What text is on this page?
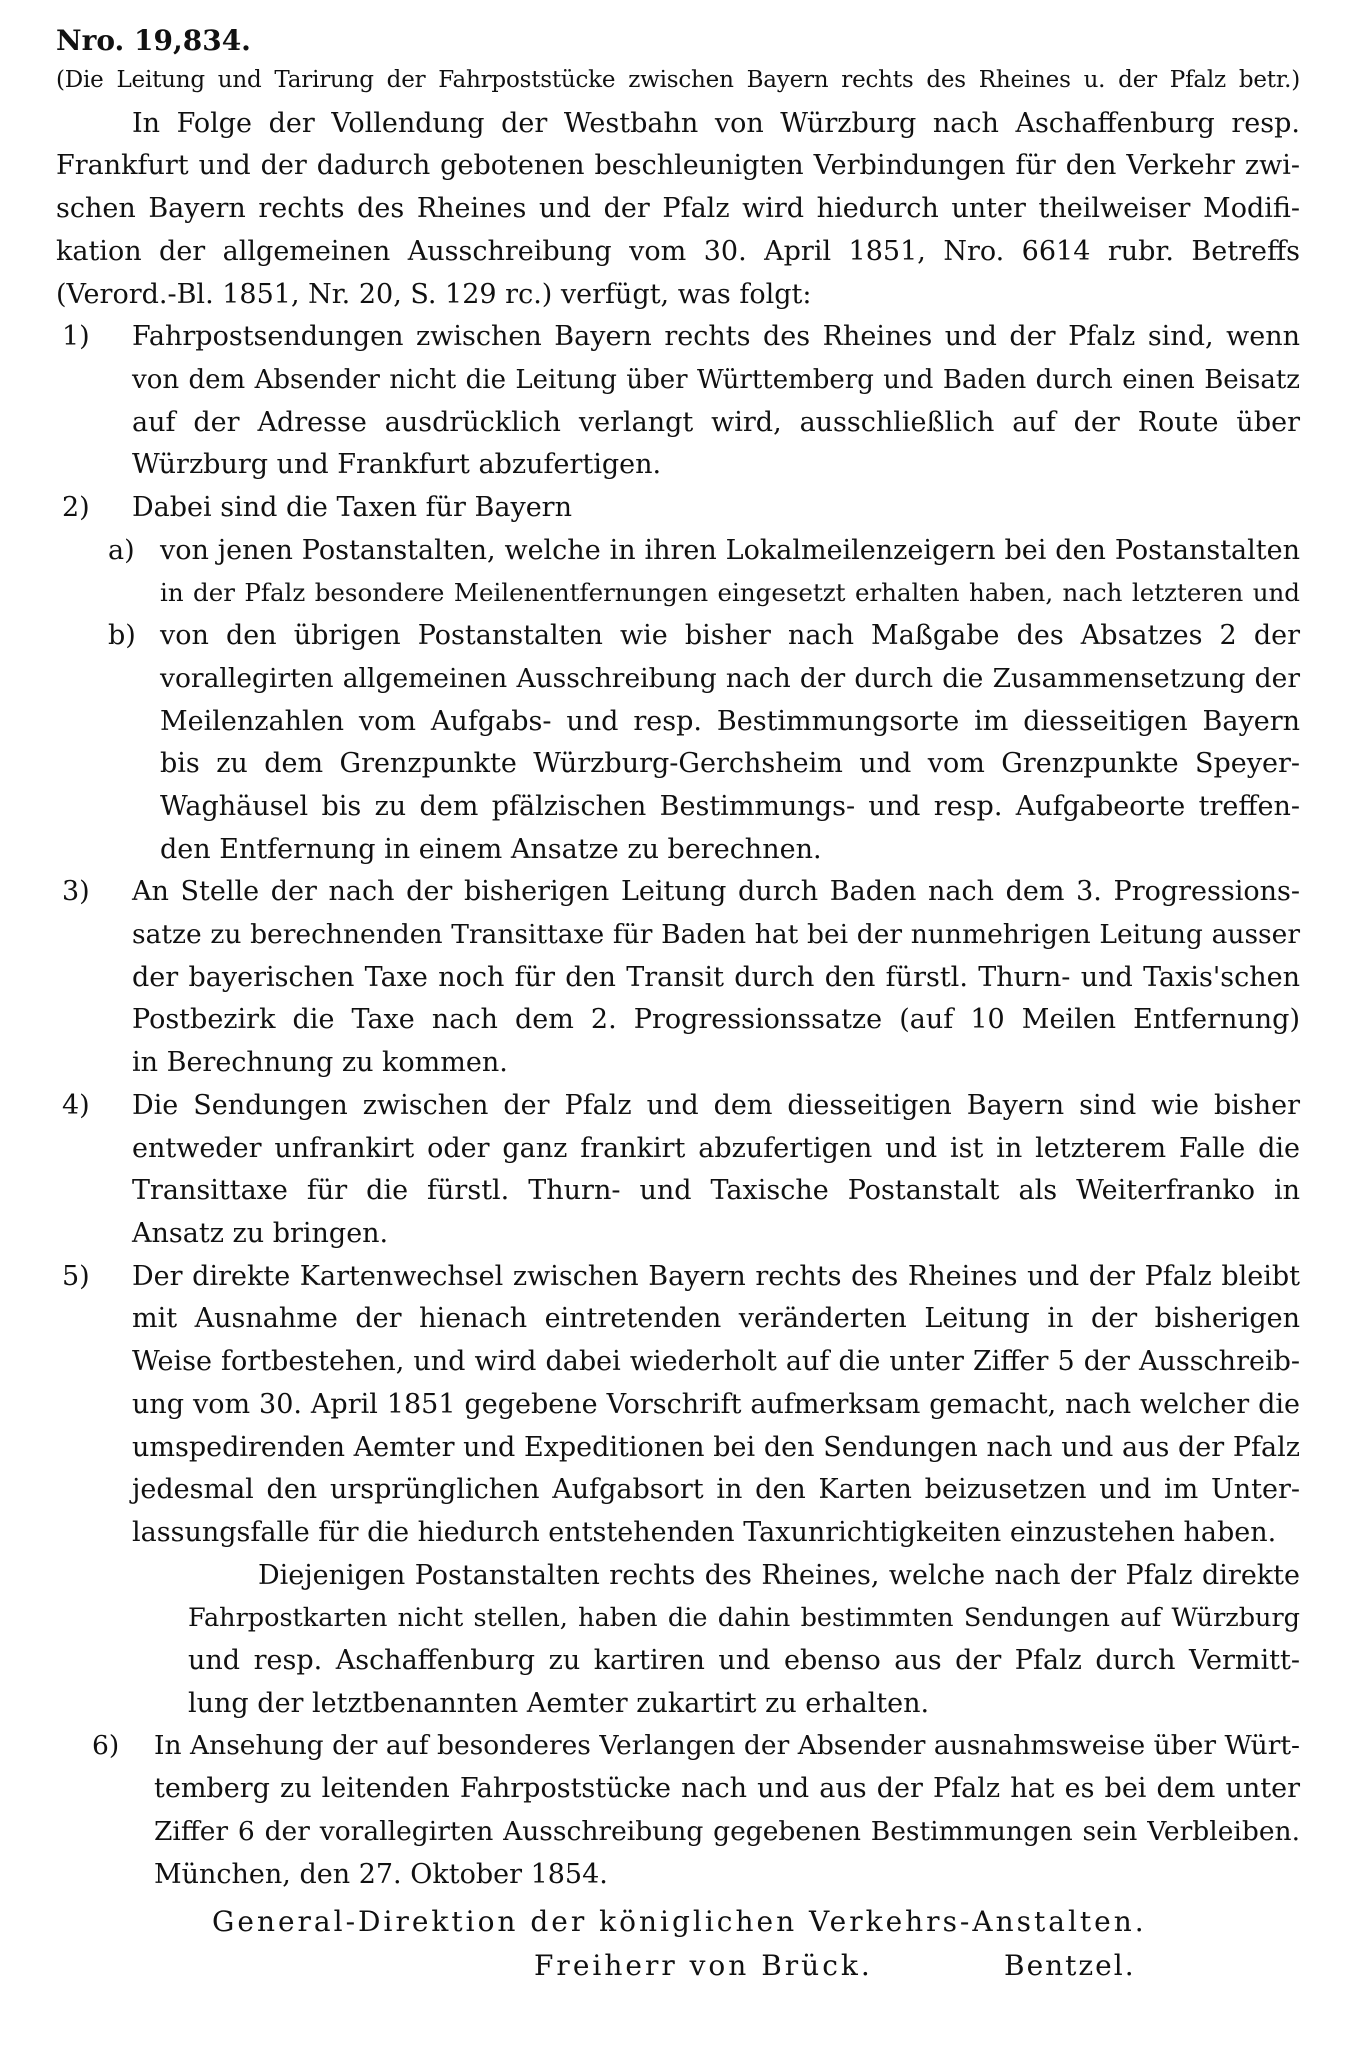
Nro. 19,834.
(Die Leitung und Tarirung der Fahrpoststücke zwischen Bayern rechts des Rheines u. der Pfalz betr.)
In Folge der Vollendung der Westbahn von Würzburg nach Aschaffenburg resp.
Frankfurt und der dadurch gebotenen beschleunigten Verbindungen für den Verkehr zwi-
schen Bayern rechts des Rheines und der Pfalz wird hiedurch unter theilweiser Modifi-
kation der allgemeinen Ausschreibung vom 30. April 1851, Nro. 6614 rubr. Betreffs
(Verord.-Bl. 1851, Nr. 20, S. 129 rc.) verfügt, was folgt:
1) Fahrpostsendungen zwischen Bayern rechts des Rheines und der Pfalz sind, wenn
von dem Absender nicht die Leitung über Württemberg und Baden durch einen Beisatz
auf der Adresse ausdrücklich verlangt wird, ausschließlich auf der Route über
Würzburg und Frankfurt abzufertigen.
2) Dabei sind die Taxen für Bayern
a) von jenen Postanstalten, welche in ihren Lokalmeilenzeigern bei den Postanstalten
in der Pfalz besondere Meilenentfernungen eingesetzt erhalten haben, nach letzteren und
b) von den übrigen Postanstalten wie bisher nach Maßgabe des Absatzes 2 der
vorallegirten allgemeinen Ausschreibung nach der durch die Zusammensetzung der
Meilenzahlen vom Aufgabs- und resp. Bestimmungsorte im diesseitigen Bayern
bis zu dem Grenzpunkte Würzburg-Gerchsheim und vom Grenzpunkte Speyer-
Waghäusel bis zu dem pfälzischen Bestimmungs- und resp. Aufgabeorte treffen-
den Entfernung in einem Ansatze zu berechnen.
3) An Stelle der nach der bisherigen Leitung durch Baden nach dem 3. Progressions-
satze zu berechnenden Transittaxe für Baden hat bei der nunmehrigen Leitung ausser
der bayerischen Taxe noch für den Transit durch den fürstl. Thurn- und Taxis'schen
Postbezirk die Taxe nach dem 2. Progressionssatze (auf 10 Meilen Entfernung)
in Berechnung zu kommen.
4) Die Sendungen zwischen der Pfalz und dem diesseitigen Bayern sind wie bisher
entweder unfrankirt oder ganz frankirt abzufertigen und ist in letzterem Falle die
Transittaxe für die fürstl. Thurn- und Taxische Postanstalt als Weiterfranko in
Ansatz zu bringen.
5) Der direkte Kartenwechsel zwischen Bayern rechts des Rheines und der Pfalz bleibt
mit Ausnahme der hienach eintretenden veränderten Leitung in der bisherigen
Weise fortbestehen, und wird dabei wiederholt auf die unter Ziffer 5 der Ausschreib-
ung vom 30. April 1851 gegebene Vorschrift aufmerksam gemacht, nach welcher die
umspedirenden Aemter und Expeditionen bei den Sendungen nach und aus der Pfalz
jedesmal den ursprünglichen Aufgabsort in den Karten beizusetzen und im Unter-
lassungsfalle für die hiedurch entstehenden Taxunrichtigkeiten einzustehen haben.
Diejenigen Postanstalten rechts des Rheines, welche nach der Pfalz direkte
Fahrpostkarten nicht stellen, haben die dahin bestimmten Sendungen auf Würzburg
und resp. Aschaffenburg zu kartiren und ebenso aus der Pfalz durch Vermitt-
lung der letztbenannten Aemter zukartirt zu erhalten.
6) In Ansehung der auf besonderes Verlangen der Absender ausnahmsweise über Würt-
temberg zu leitenden Fahrpoststücke nach und aus der Pfalz hat es bei dem unter
Ziffer 6 der vorallegirten Ausschreibung gegebenen Bestimmungen sein Verbleiben.
München, den 27. Oktober 1854.
General-Direktion der königlichen Verkehrs-Anstalten.
Freiherr von Brück.	Bentzel.
